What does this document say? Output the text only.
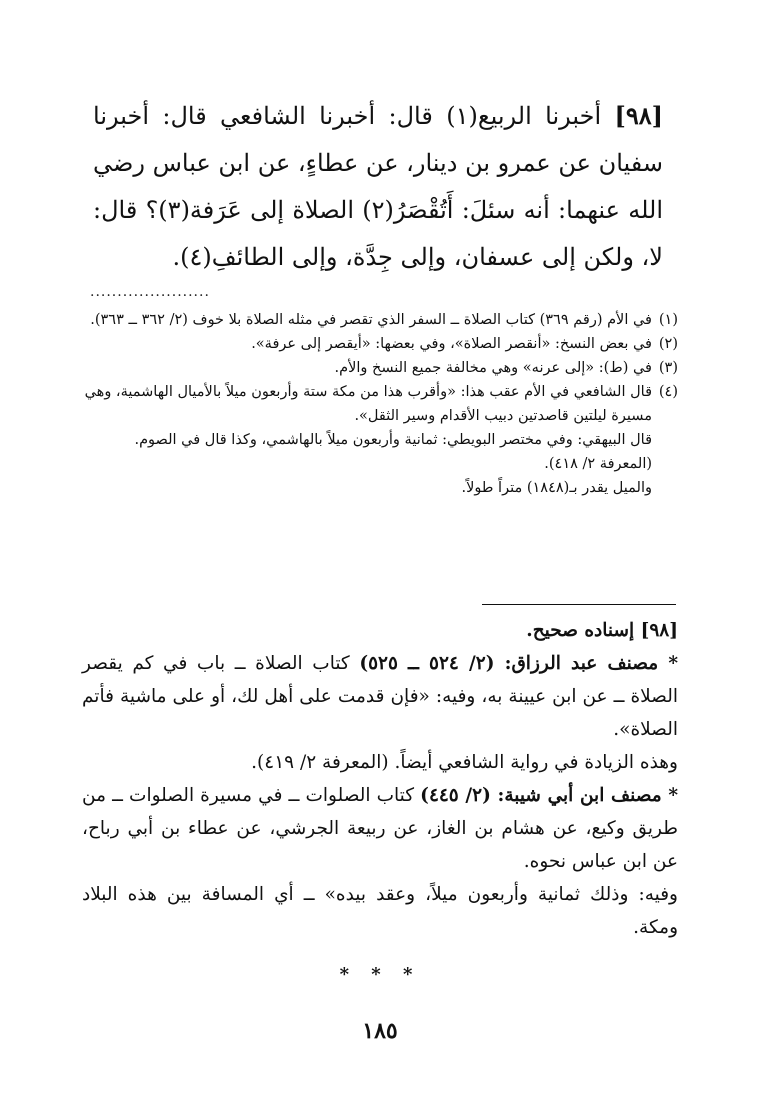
[٩٨] أخبرنا الربيع(١) قال: أخبرنا الشافعي قال: أخبرنا سفيان عن عمرو بن دينار، عن عطاءٍ، عن ابن عباس رضي الله عنهما: أنه سئلَ: أَتُقْصَرُ(٢) الصلاة إلى عَرَفة(٣)؟ قال: لا، ولكن إلى عسفان، وإلى جِدَّة، وإلى الطائفِ(٤).

......................
(١)
في الأم (رقم ٣٦٩) كتاب الصلاة ــ السفر الذي تقصر في مثله الصلاة بلا خوف (٢/ ٣٦٢ ــ ٣٦٣).
(٢)
في بعض النسخ: «أنقصر الصلاة»، وفي بعضها: «أيقصر إلى عرفة».
(٣)
في (ط): «إلى عرنه» وهي مخالفة جميع النسخ والأم.
(٤)
قال الشافعي في الأم عقب هذا: «وأقرب هذا من مكة ستة وأربعون ميلاً بالأميال الهاشمية، وهي مسيرة ليلتين قاصدتين دبيب الأقدام وسير الثقل».
قال البيهقي: وفي مختصر البويطي: ثمانية وأربعون ميلاً بالهاشمي، وكذا قال في الصوم. (المعرفة ٢/ ٤١٨).
والميل يقدر بـ(١٨٤٨) متراً طولاً.

[٩٨] إسناده صحيح.

* مصنف عبد الرزاق: (٢/ ٥٢٤ ــ ٥٢٥) كتاب الصلاة ــ باب في كم يقصر الصلاة ــ عن ابن عيينة به، وفيه: «فإن قدمت على أهل لك، أو على ماشية فأتم الصلاة».

وهذه الزيادة في رواية الشافعي أيضاً. (المعرفة ٢/ ٤١٩).

* مصنف ابن أبي شيبة: (٢/ ٤٤٥) كتاب الصلوات ــ في مسيرة الصلوات ــ من طريق وكيع، عن هشام بن الغاز، عن ربيعة الجرشي، عن عطاء بن أبي رباح، عن ابن عباس نحوه.

وفيه: وذلك ثمانية وأربعون ميلاً، وعقد بيده» ــ أي المسافة بين هذه البلاد ومكة.

* * *
١٨٥
